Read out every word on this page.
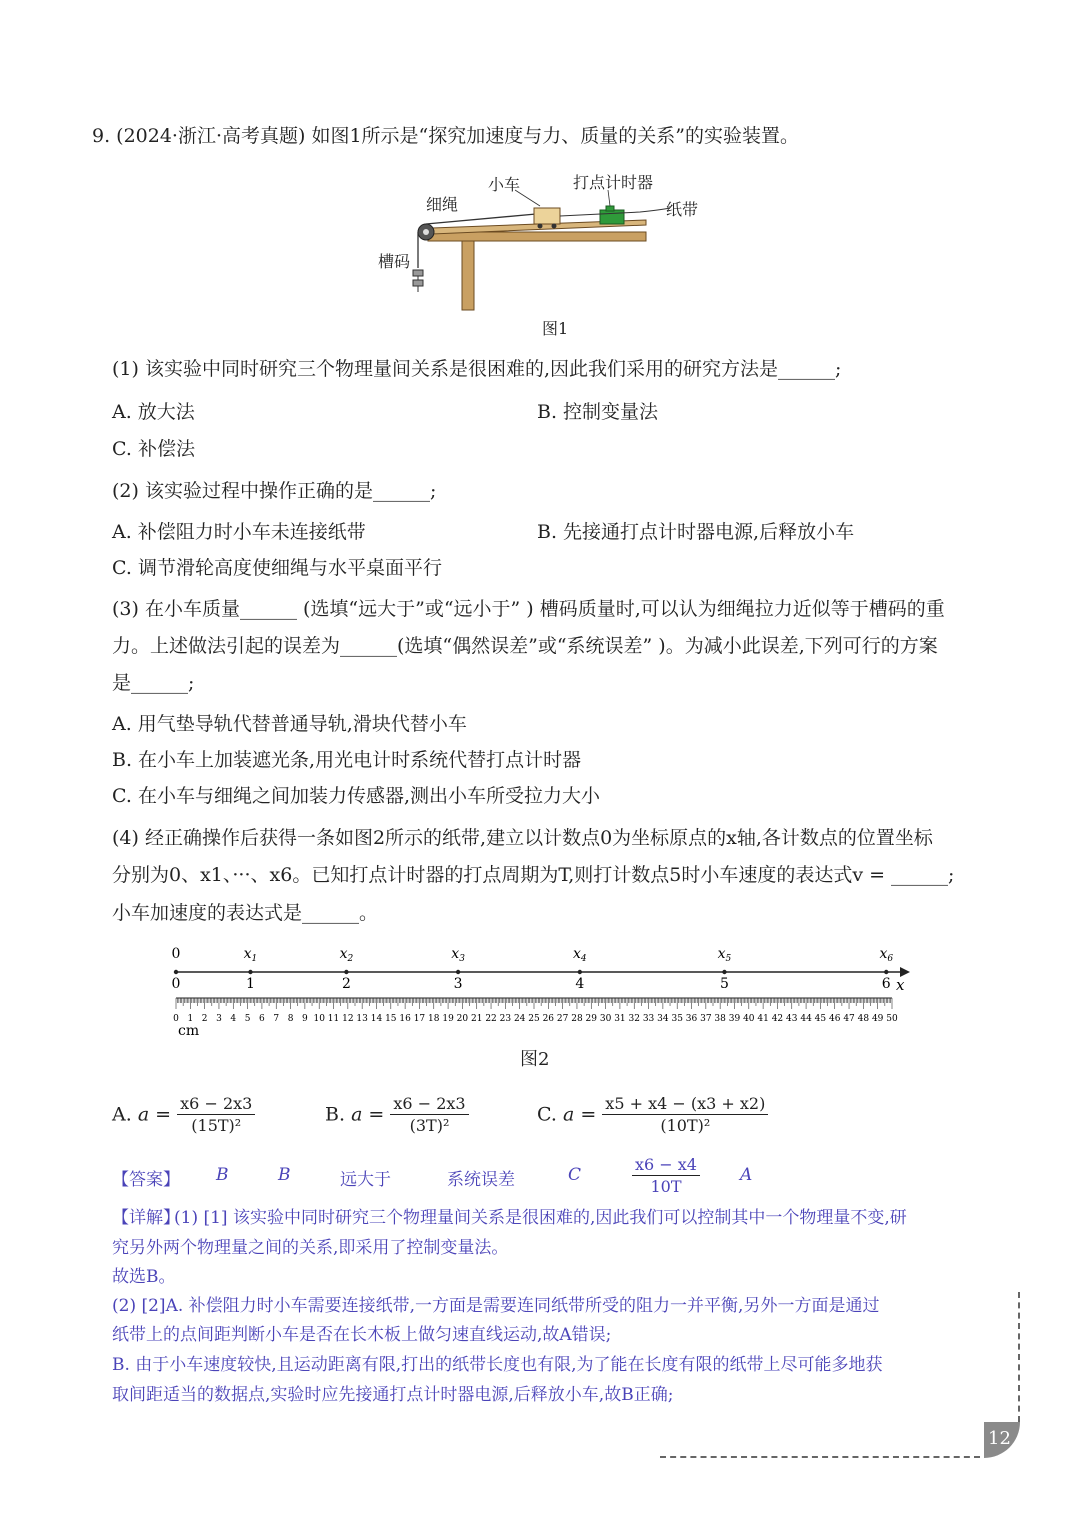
9. (2024·浙江·高考真题) 如图1所示是“探究加速度与力、质量的关系”的实验装置。
小车	打点计时器
细绳	纸带
槽码
图1
(1) 该实验中同时研究三个物理量间关系是很困难的,因此我们采用的研究方法是______;
A. 放大法	B. 控制变量法
C. 补偿法
(2) 该实验过程中操作正确的是______;
A. 补偿阻力时小车未连接纸带	B. 先接通打点计时器电源,后释放小车
C. 调节滑轮高度使细绳与水平桌面平行
(3) 在小车质量______ (选填“远大于”或“远小于” ) 槽码质量时,可以认为细绳拉力近似等于槽码的重
力。上述做法引起的误差为______(选填“偶然误差”或“系统误差” )。为减小此误差,下列可行的方案
是______;
A. 用气垫导轨代替普通导轨,滑块代替小车
B. 在小车上加装遮光条,用光电计时系统代替打点计时器
C. 在小车与细绳之间加装力传感器,测出小车所受拉力大小
(4) 经正确操作后获得一条如图2所示的纸带,建立以计数点0为坐标原点的x轴,各计数点的位置坐标
分别为0、x1、···、x6。已知打点计时器的打点周期为T,则打计数点5时小车速度的表达式v = ______;
小车加速度的表达式是______。
x
0
0
$x_1$
1
$x_2$
2
$x_3$
3
$x_4$
4
$x_5$
5
$x_6$
6
0 1 2 3 4 5 6 7 8 9 10 11 12 13 14 15 16 17 18 19 20 21 22 23 24 25 26 27 28 29 30 31 32 33 34 35 36 37 38 39 40 41 42 43 44 45 46 47 48 49 50
cm
图2
A. $a = \frac{x6 - 2x3}{\text{(15T)²}}$	B. $a = \frac{x6 - 2x3}{\text{(3T)²}}$	C. $a = \frac{x5 + x4 - (x3 + x2)}{\text{(10T)²}}$
【答案】 B	B	远大于	系统误差	C	$\frac{x6 - x4}{10T}$ A
【详解】
(1) [1] 该实验中同时研究三个物理量间关系是很困难的,因此我们可以控制其中一个物理量不变,研
究另外两个物理量之间的关系,即采用了控制变量法。
故选B。
(2) [2]A. 补偿阻力时小车需要连接纸带,一方面是需要连同纸带所受的阻力一并平衡,另外一方面是通过
纸带上的点间距判断小车是否在长木板上做匀速直线运动,故A错误;
B. 由于小车速度较快,且运动距离有限,打出的纸带长度也有限,为了能在长度有限的纸带上尽可能多地获
取间距适当的数据点,实验时应先接通打点计时器电源,后释放小车,故B正确;
12
